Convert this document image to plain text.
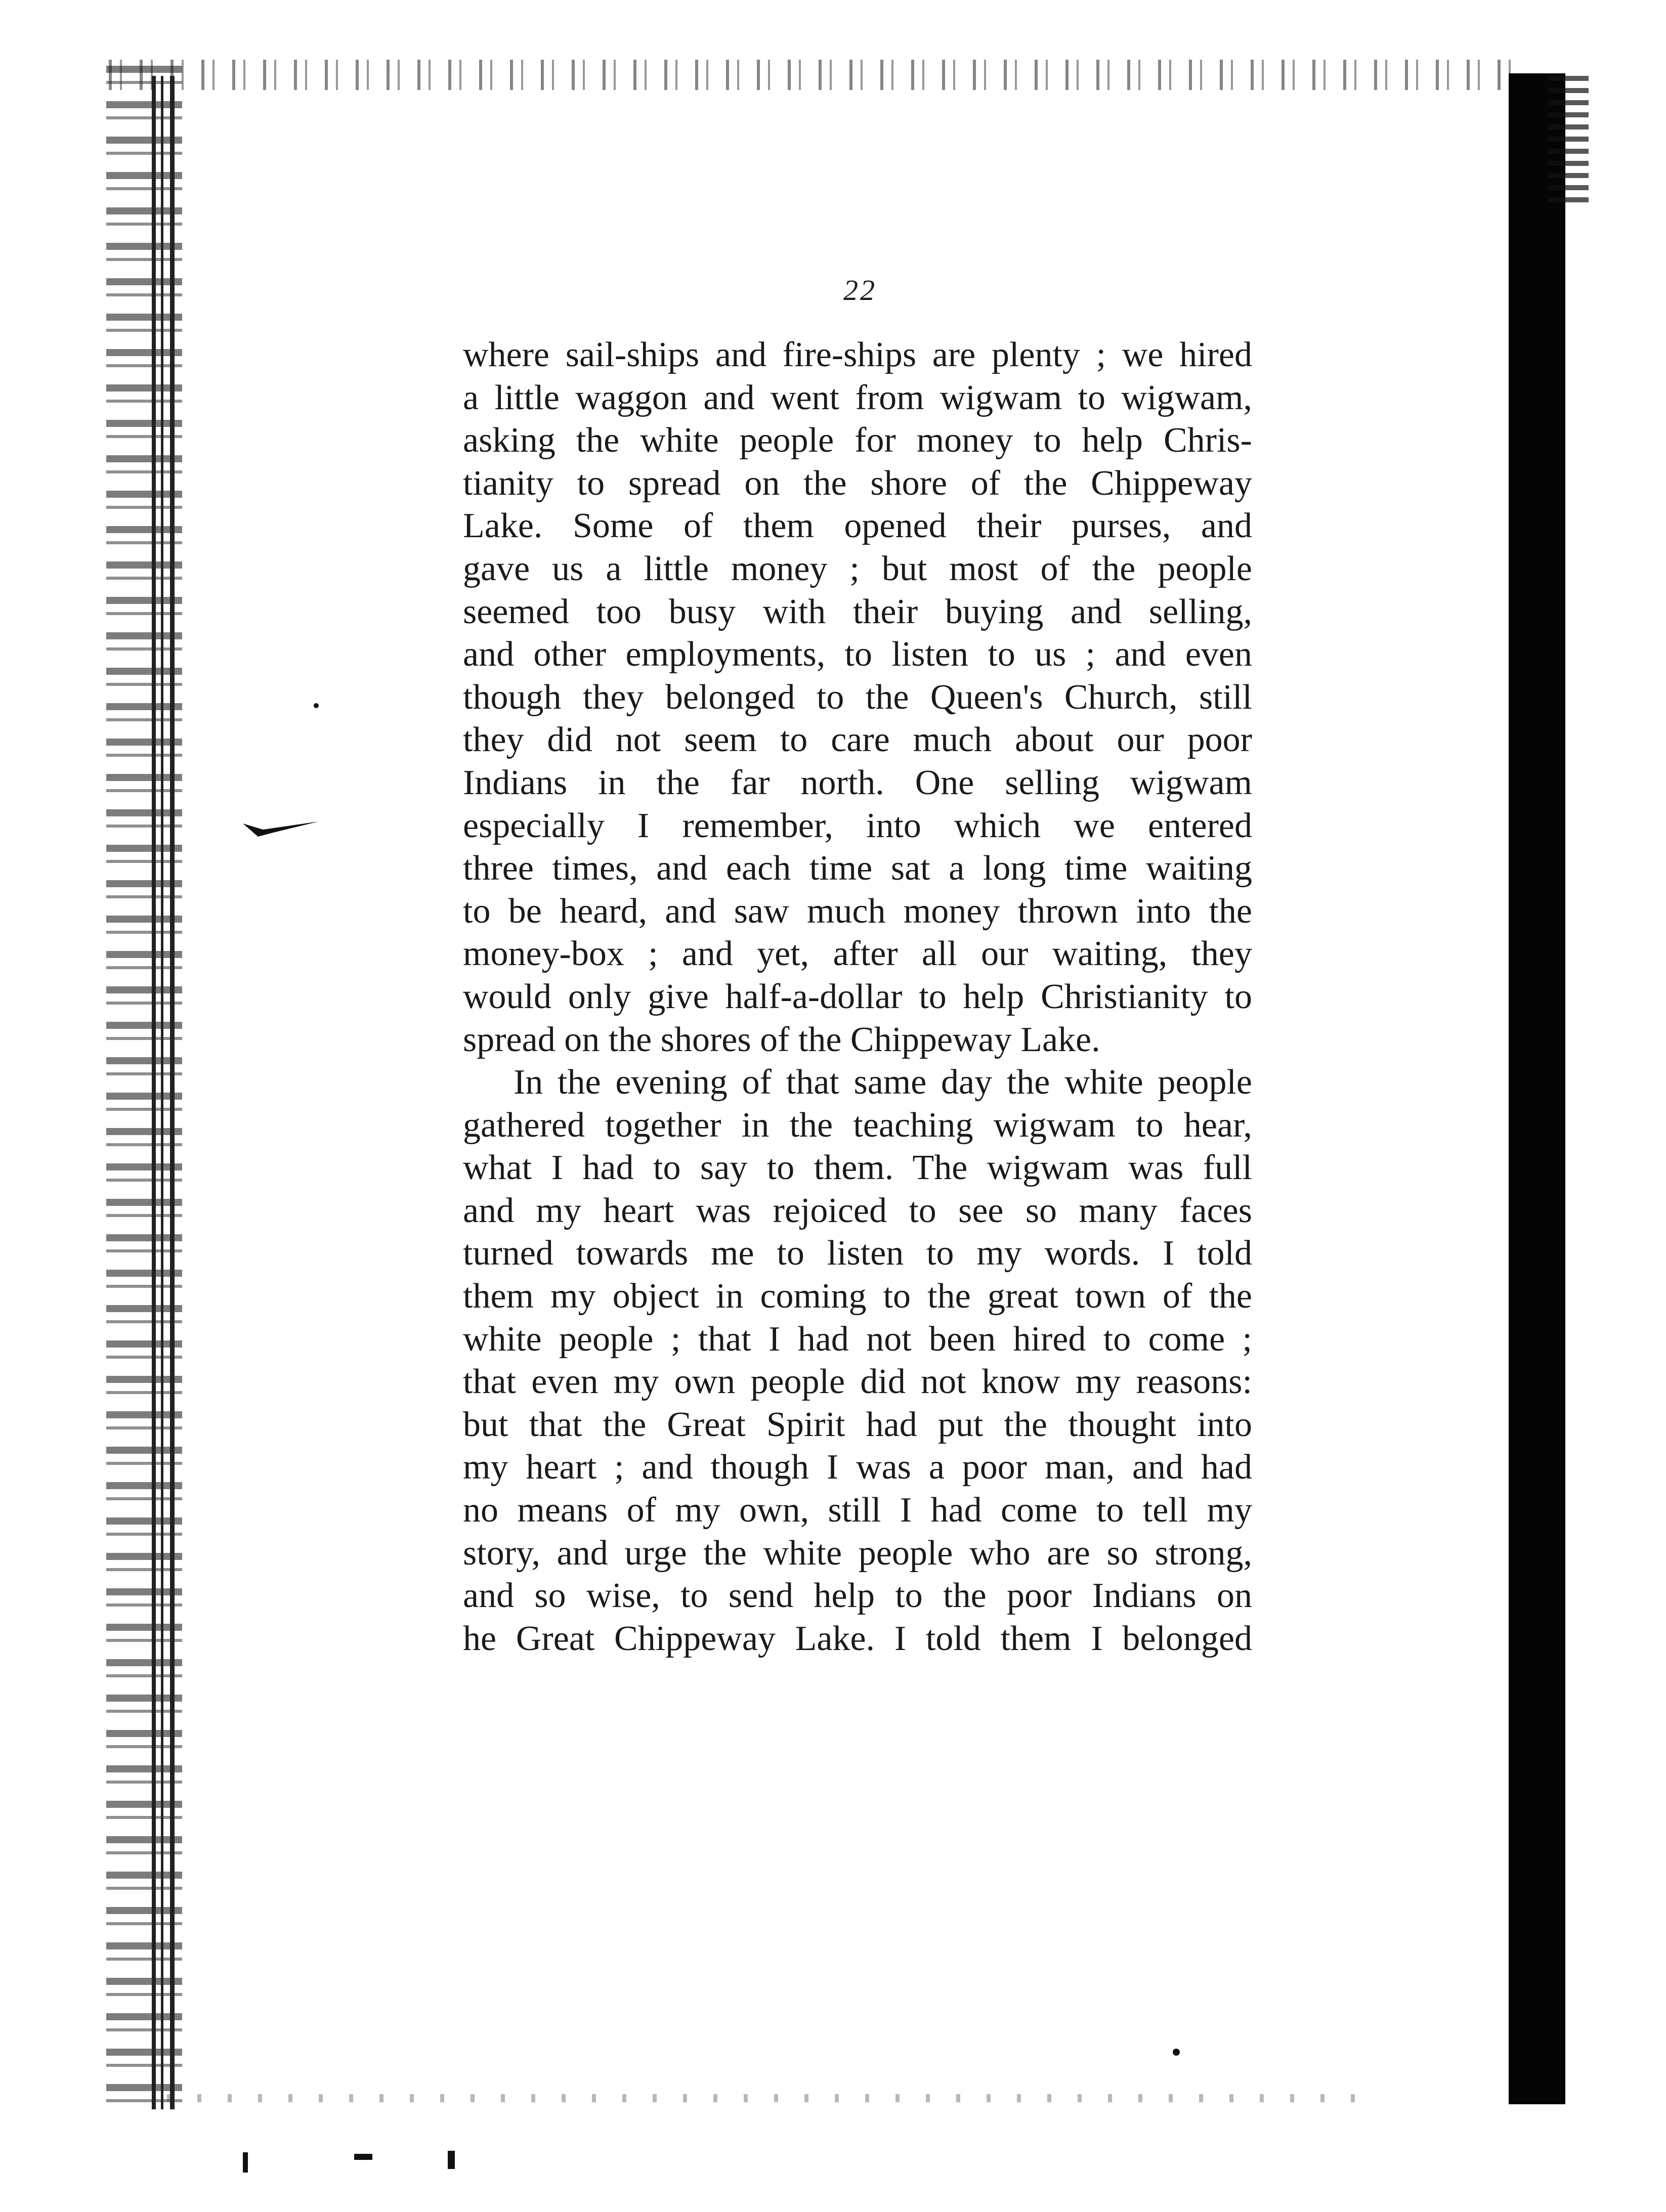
22
where sail-ships and fire-ships are plenty ; we hired
a little waggon and went from wigwam to wigwam,
asking the white people for money to help Chris-
tianity to spread on the shore of the Chippeway
Lake. Some of them opened their purses, and
gave us a little money ; but most of the people
seemed too busy with their buying and selling,
and other employments, to listen to us ; and even
though they belonged to the Queen's Church, still
they did not seem to care much about our poor
Indians in the far north. One selling wigwam
especially I remember, into which we entered
three times, and each time sat a long time waiting
to be heard, and saw much money thrown into the
money-box ; and yet, after all our waiting, they
would only give half-a-dollar to help Christianity to
spread on the shores of the Chippeway Lake.
In the evening of that same day the white people
gathered together in the teaching wigwam to hear,
what I had to say to them. The wigwam was full
and my heart was rejoiced to see so many faces
turned towards me to listen to my words. I told
them my object in coming to the great town of the
white people ; that I had not been hired to come ;
that even my own people did not know my reasons:
but that the Great Spirit had put the thought into
my heart ; and though I was a poor man, and had
no means of my own, still I had come to tell my
story, and urge the white people who are so strong,
and so wise, to send help to the poor Indians on
he Great Chippeway Lake. I told them I belonged
